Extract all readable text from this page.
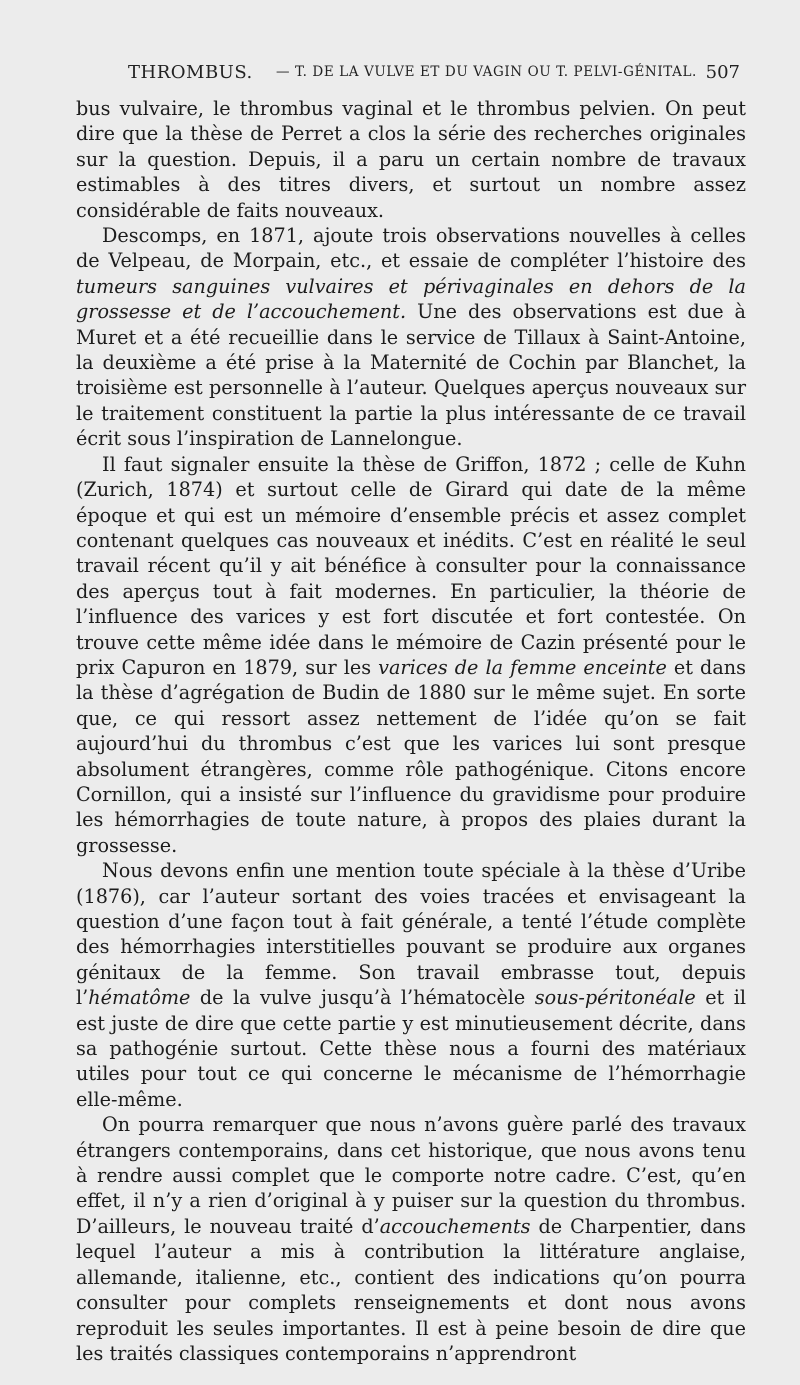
THROMBUS. — T. DE LA VULVE ET DU VAGIN OU T. PELVI-GÉNITAL. 507

bus vulvaire, le thrombus vaginal et le thrombus pelvien. On peut dire que la thèse de Perret a clos la série des recherches originales sur la question. Depuis, il a paru un certain nombre de travaux estimables à des titres divers, et surtout un nombre assez considérable de faits nouveaux.

Descomps, en 1871, ajoute trois observations nouvelles à celles de Velpeau, de Morpain, etc., et essaie de compléter l’histoire des tumeurs sanguines vulvaires et périvaginales en dehors de la grossesse et de l’accouchement. Une des observations est due à Muret et a été recueillie dans le service de Tillaux à Saint-Antoine, la deuxième a été prise à la Maternité de Cochin par Blanchet, la troisième est personnelle à l’auteur. Quelques aperçus nouveaux sur le traitement constituent la partie la plus intéressante de ce travail écrit sous l’inspiration de Lannelongue.

Il faut signaler ensuite la thèse de Griffon, 1872 ; celle de Kuhn (Zurich, 1874) et surtout celle de Girard qui date de la même époque et qui est un mémoire d’ensemble précis et assez complet contenant quelques cas nouveaux et inédits. C’est en réalité le seul travail récent qu’il y ait bénéfice à consulter pour la connaissance des aperçus tout à fait modernes. En particulier, la théorie de l’influence des varices y est fort discutée et fort contestée. On trouve cette même idée dans le mémoire de Cazin présenté pour le prix Capuron en 1879, sur les varices de la femme enceinte et dans la thèse d’agrégation de Budin de 1880 sur le même sujet. En sorte que, ce qui ressort assez nettement de l’idée qu’on se fait aujourd’hui du thrombus c’est que les varices lui sont presque absolument étrangères, comme rôle pathogénique. Citons encore Cornillon, qui a insisté sur l’influence du gravidisme pour produire les hémorrhagies de toute nature, à propos des plaies durant la grossesse.

Nous devons enfin une mention toute spéciale à la thèse d’Uribe (1876), car l’auteur sortant des voies tracées et envisageant la question d’une façon tout à fait générale, a tenté l’étude complète des hémorrhagies interstitielles pouvant se produire aux organes génitaux de la femme. Son travail embrasse tout, depuis l’hématôme de la vulve jusqu’à l’hématocèle sous-péritonéale et il est juste de dire que cette partie y est minutieusement décrite, dans sa pathogénie surtout. Cette thèse nous a fourni des matériaux utiles pour tout ce qui concerne le mécanisme de l’hémorrhagie elle-même.

On pourra remarquer que nous n’avons guère parlé des travaux étrangers contemporains, dans cet historique, que nous avons tenu à rendre aussi complet que le comporte notre cadre. C’est, qu’en effet, il n’y a rien d’original à y puiser sur la question du thrombus. D’ailleurs, le nouveau traité d’accouchements de Charpentier, dans lequel l’auteur a mis à contribution la littérature anglaise, allemande, italienne, etc., contient des indications qu’on pourra consulter pour complets renseignements et dont nous avons reproduit les seules importantes. Il est à peine besoin de dire que les traités classiques contemporains n’apprendront
